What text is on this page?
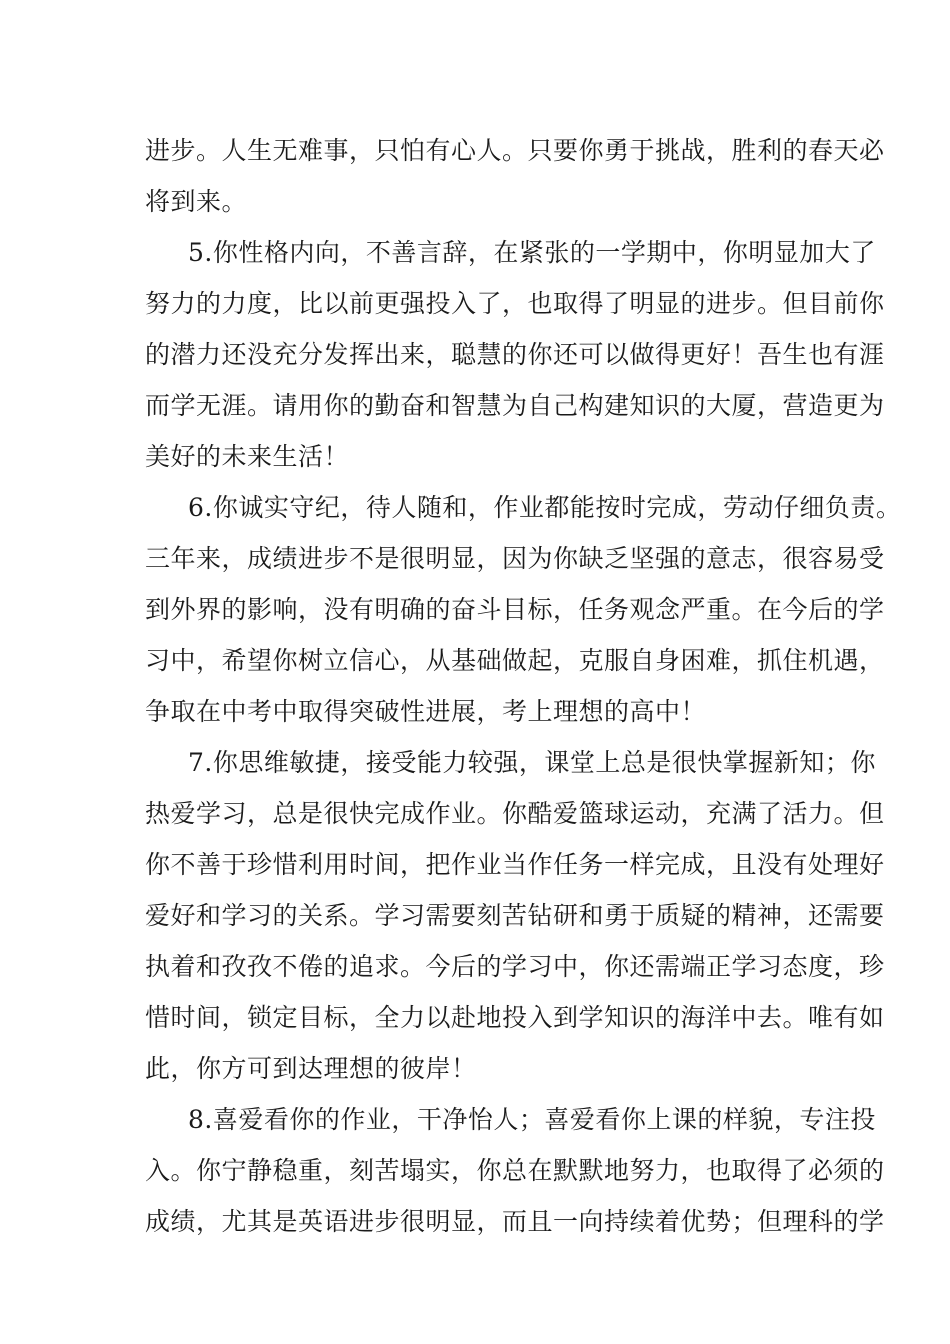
进步。人生无难事，只怕有心人。只要你勇于挑战，胜利的春天必
将到来。
5.你性格内向，不善言辞，在紧张的一学期中，你明显加大了
努力的力度，比以前更强投入了，也取得了明显的进步。但目前你
的潜力还没充分发挥出来，聪慧的你还可以做得更好！吾生也有涯
而学无涯。请用你的勤奋和智慧为自己构建知识的大厦，营造更为
美好的未来生活！
6.你诚实守纪，待人随和，作业都能按时完成，劳动仔细负责。
三年来，成绩进步不是很明显，因为你缺乏坚强的意志，很容易受
到外界的影响，没有明确的奋斗目标，任务观念严重。在今后的学
习中，希望你树立信心，从基础做起，克服自身困难，抓住机遇，
争取在中考中取得突破性进展，考上理想的高中！
7.你思维敏捷，接受能力较强，课堂上总是很快掌握新知；你
热爱学习，总是很快完成作业。你酷爱篮球运动，充满了活力。但
你不善于珍惜利用时间，把作业当作任务一样完成，且没有处理好
爱好和学习的关系。学习需要刻苦钻研和勇于质疑的精神，还需要
执着和孜孜不倦的追求。今后的学习中，你还需端正学习态度，珍
惜时间，锁定目标，全力以赴地投入到学知识的海洋中去。唯有如
此，你方可到达理想的彼岸！
8.喜爱看你的作业，干净怡人；喜爱看你上课的样貌，专注投
入。你宁静稳重，刻苦塌实，你总在默默地努力，也取得了必须的
成绩，尤其是英语进步很明显，而且一向持续着优势；但理科的学
